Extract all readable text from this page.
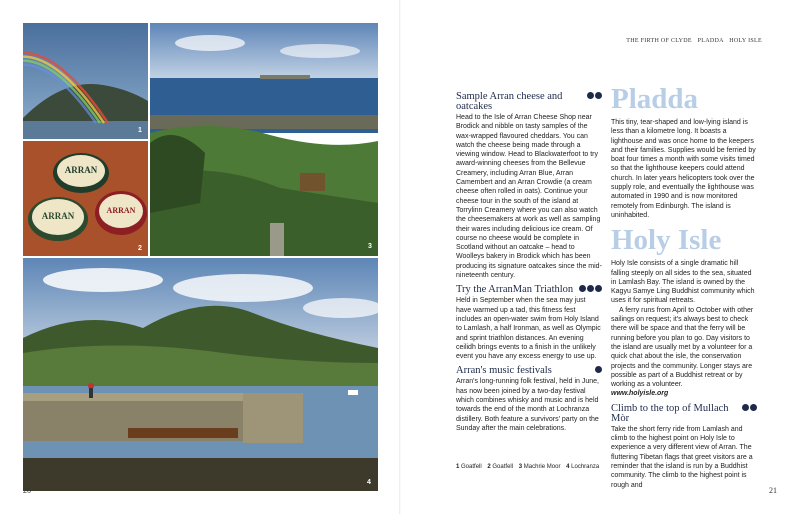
1
ARRAN
ARRAN
ARRAN
2	3
4
THE FIRTH OF CLYDE PLADDA HOLY ISLE
20	21
Sample Arran cheese and oatcakes

Head to the Isle of Arran Cheese Shop near Brodick and nibble on tasty samples of the wax-wrapped flavoured cheddars. You can watch the cheese being made through a viewing window. Head to Blackwaterfoot to try award-winning cheeses from the Bellevue Creamery, including Arran Blue, Arran Camembert and an Arran Crowdie (a cream cheese often rolled in oats). Continue your cheese tour in the south of the island at Torrylinn Creamery where you can also watch the cheesemakers at work as well as sampling their wares including delicious ice cream. Of course no cheese would be complete in Scotland without an oatcake – head to Woolleys bakery in Brodick which has been producing its signature oatcakes since the mid-nineteenth century.

Try the ArranMan Triathlon

Held in September when the sea may just have warmed up a tad, this fitness fest includes an open-water swim from Holy Island to Lamlash, a half Ironman, as well as Olympic and sprint triathlon distances. An evening ceilidh brings events to a finish in the unlikely event you have any excess energy to use up.

Arran's music festivals

Arran's long-running folk festival, held in June, has now been joined by a two-day festival which combines whisky and music and is held towards the end of the month at Lochranza distillery. Both feature a survivors' party on the Sunday after the main celebrations.

Pladda

This tiny, tear-shaped and low-lying island is less than a kilometre long. It boasts a lighthouse and was once home to the keepers and their families. Supplies would be ferried by boat four times a month with some visits timed so that the lighthouse keepers could attend church. In later years helicopters took over the supply role, and eventually the lighthouse was automated in 1990 and is now monitored remotely from Edinburgh. The island is uninhabited.

Holy Isle

Holy Isle consists of a single dramatic hill falling steeply on all sides to the sea, situated in Lamlash Bay. The island is owned by the Kagyu Samye Ling Buddhist community which uses it for spiritual retreats.

A ferry runs from April to October with other sailings on request; it's always best to check there will be space and that the ferry will be running before you plan to go. Day visitors to the island are usually met by a volunteer for a quick chat about the isle, the conservation projects and the community. Longer stays are possible as part of a Buddhist retreat or by working as a volunteer.

www.holyisle.org

Climb to the top of Mullach Mòr

Take the short ferry ride from Lamlash and climb to the highest point on Holy Isle to experience a very different view of Arran. The fluttering Tibetan flags that greet visitors are a reminder that the island is run by a Buddhist community. The climb to the highest point is rough and

1 Goatfell 2 Goatfell 3 Machrie Moor 4 Lochranza
